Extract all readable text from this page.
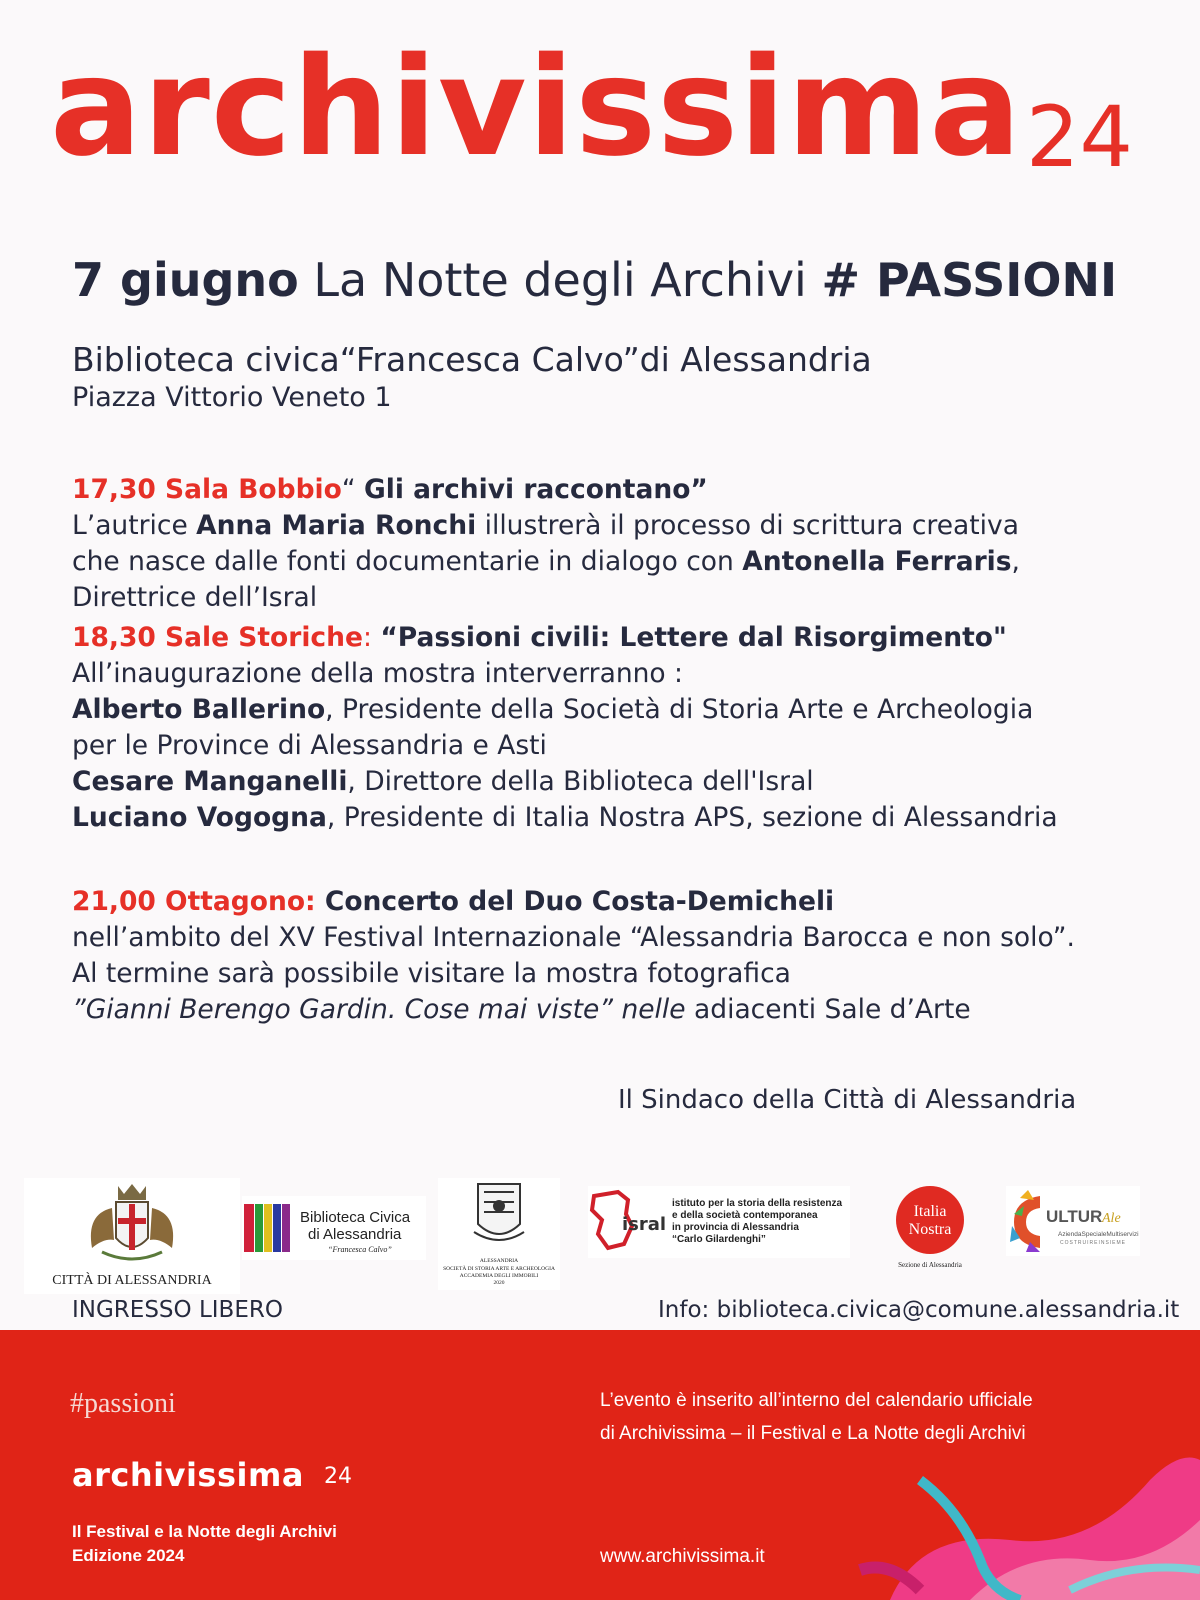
archivissima 24
7 giugno La Notte degli Archivi # PASSIONI
Biblioteca civica“Francesca Calvo”di Alessandria
Piazza Vittorio Veneto 1
17,30 Sala Bobbio“ Gli archivi raccontano”
L’autrice Anna Maria Ronchi illustrerà il processo di scrittura creativa
che nasce dalle fonti documentarie in dialogo con Antonella Ferraris,
Direttrice dell’Isral
18,30 Sale Storiche: “Passioni civili: Lettere dal Risorgimento"
All’inaugurazione della mostra interverranno :
Alberto Ballerino, Presidente della Società di Storia Arte e Archeologia
per le Province di Alessandria e Asti
Cesare Manganelli, Direttore della Biblioteca dell'Isral
Luciano Vogogna, Presidente di Italia Nostra APS, sezione di Alessandria
21,00 Ottagono: Concerto del Duo Costa-Demicheli
nell’ambito del XV Festival Internazionale “Alessandria Barocca e non solo”.
Al termine sarà possibile visitare la mostra fotografica
”Gianni Berengo Gardin. Cose mai viste” nelle adiacenti Sale d’Arte
Il Sindaco della Città di Alessandria
CITTÀ DI ALESSANDRIA
Biblioteca Civica
di Alessandria
“Francesca Calvo”
ALESSANDRIA
SOCIETÀ DI STORIA ARTE E ARCHEOLOGIA
ACCADEMIA DEGLI IMMOBILI
2020
isral
istituto per la storia della resistenza
e della società contemporanea
in provincia di Alessandria
“Carlo Gilardenghi”
Italia
Nostra
Sezione di Alessandria
ULTUR Ale
AziendaSpecialeMultiservizi
COSTRUIREINSIEME
INGRESSO LIBERO	Info: biblioteca.civica@comune.alessandria.it
#passioni
archivissima 24
Il Festival e la Notte degli Archivi
Edizione 2024
L’evento è inserito all’interno del calendario ufficiale
di Archivissima – il Festival e La Notte degli Archivi
www.archivissima.it
